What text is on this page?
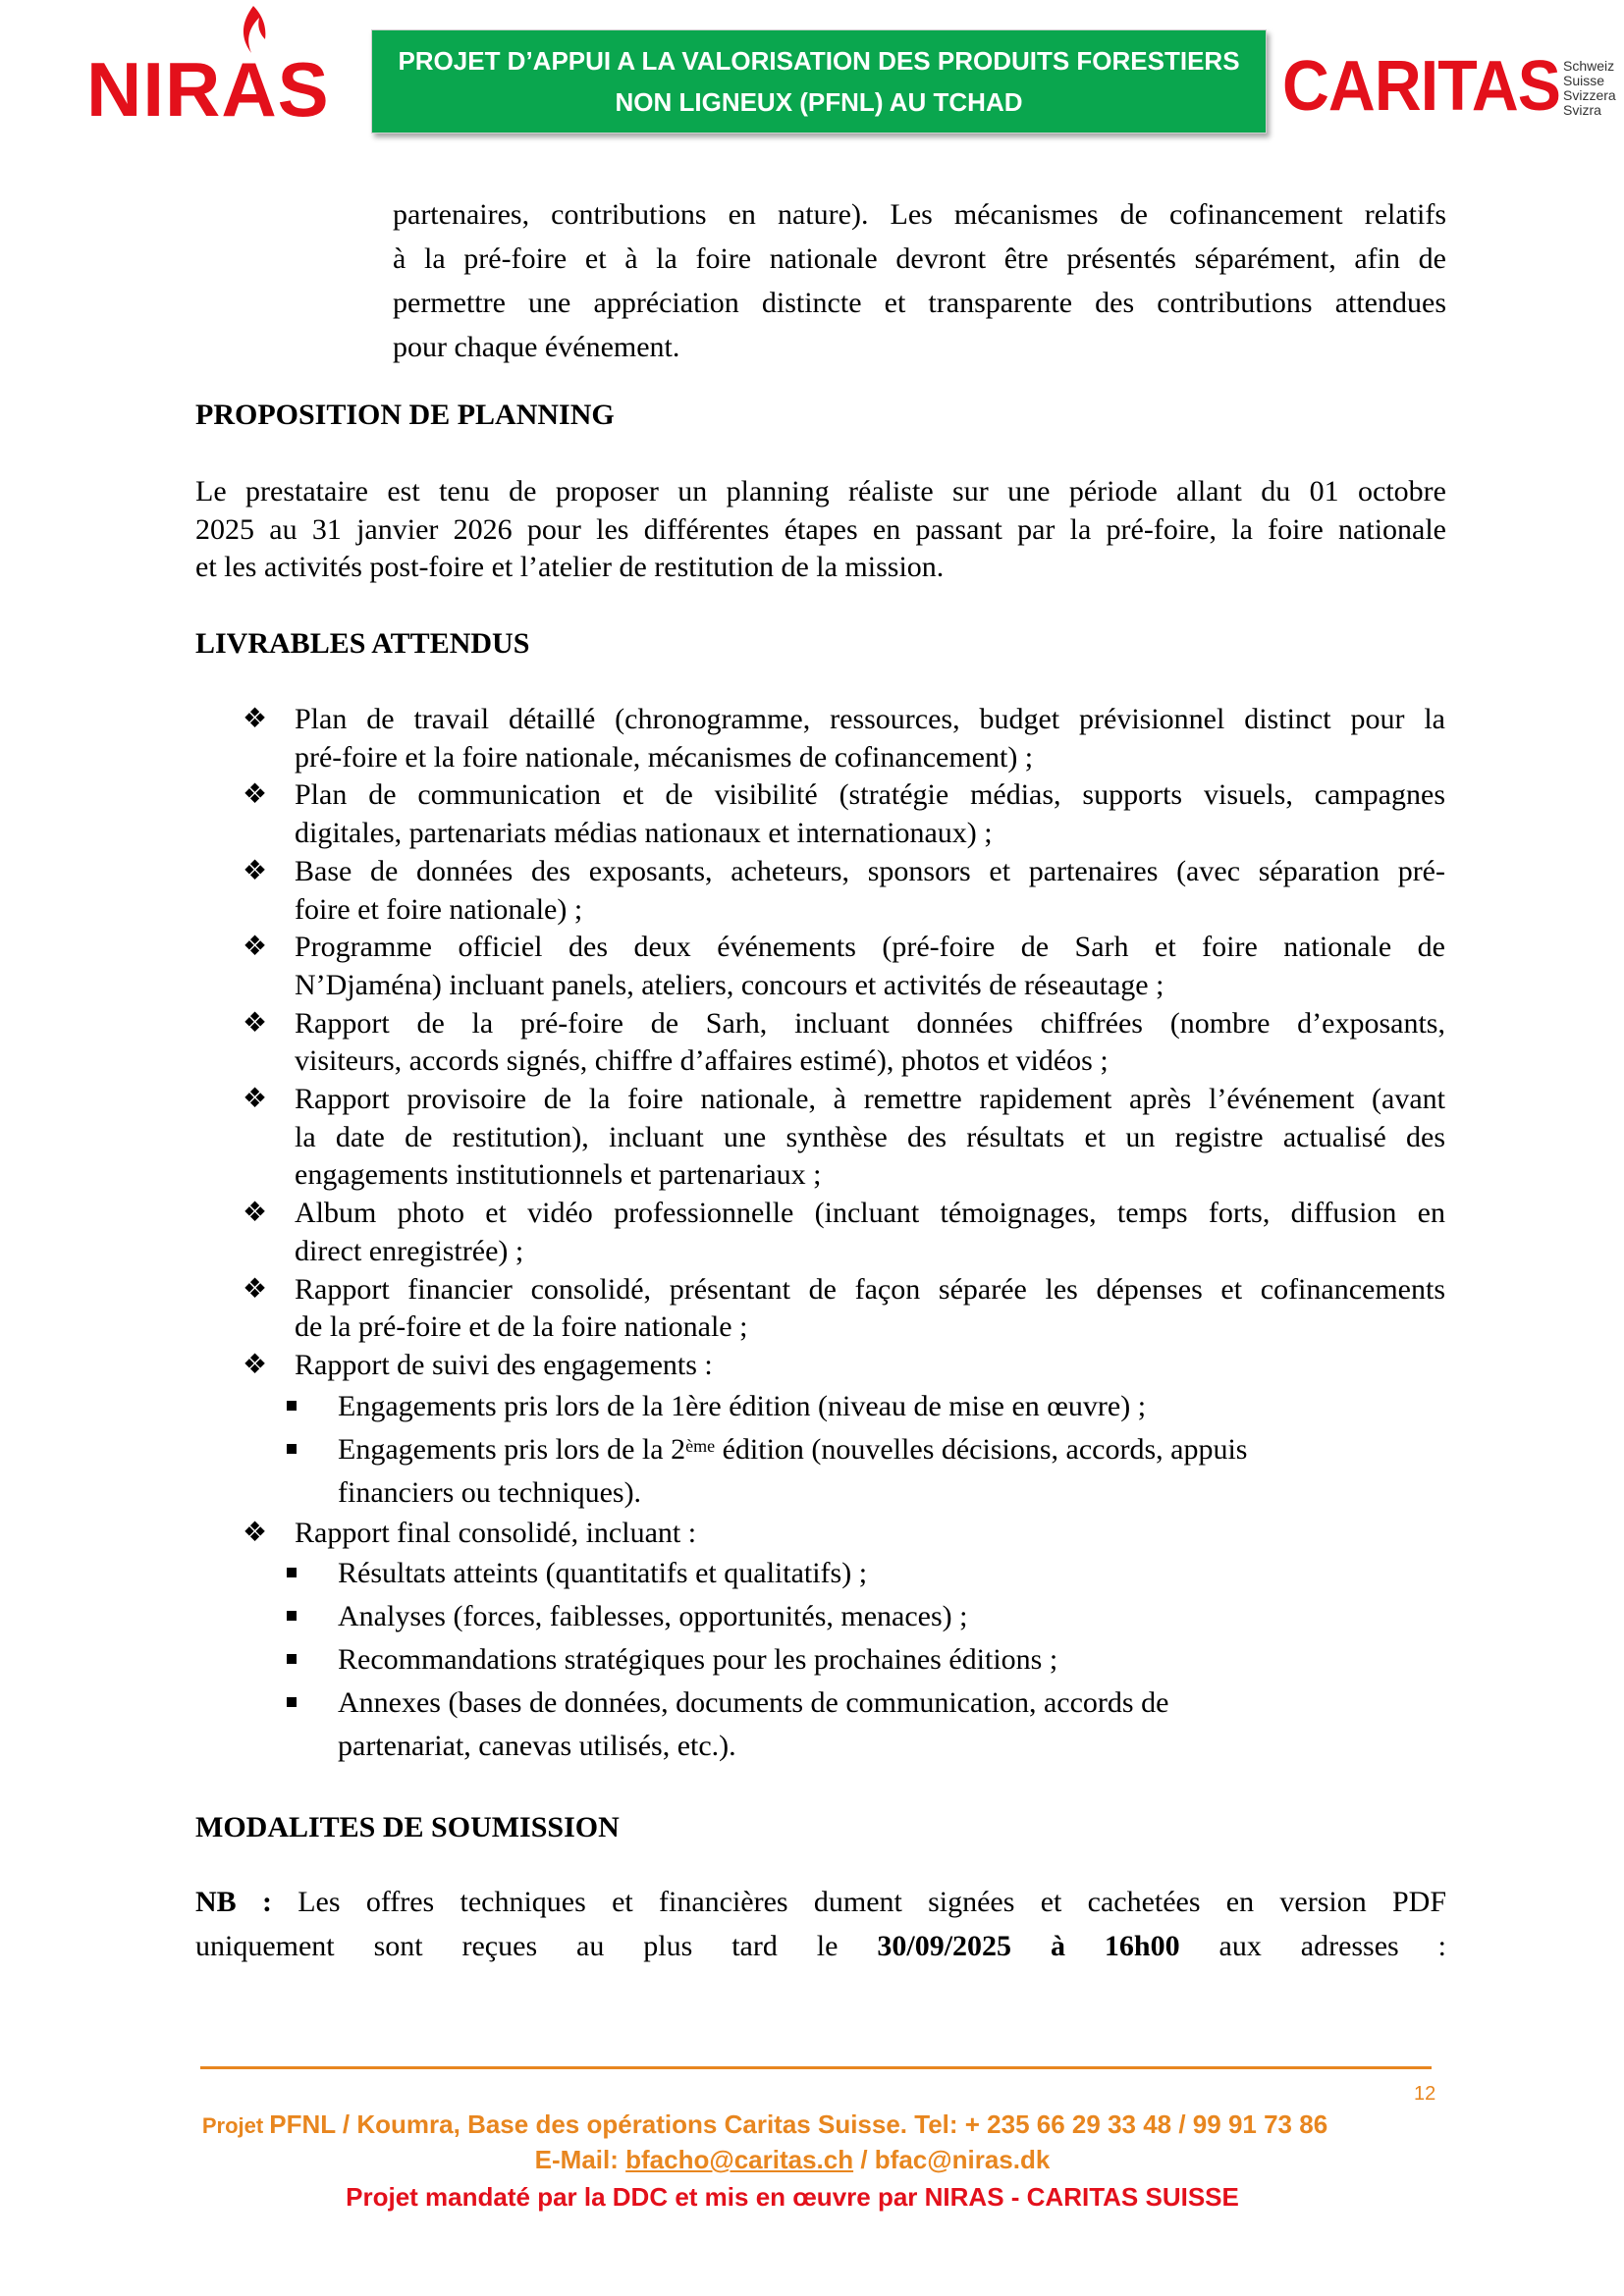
NIRAS	PROJET D’APPUI A LA VALORISATION DES PRODUITS FORESTIERS
NON LIGNEUX (PFNL) AU TCHAD	CARITAS Schweiz
Suisse
Svizzera
Svizra
partenaires, contributions en nature). Les mécanismes de cofinancement relatifs
à la pré-foire et à la foire nationale devront être présentés séparément, afin de
permettre une appréciation distincte et transparente des contributions attendues
pour chaque événement.
PROPOSITION DE PLANNING
Le prestataire est tenu de proposer un planning réaliste sur une période allant du 01 octobre
2025 au 31 janvier 2026 pour les différentes étapes en passant par la pré-foire, la foire nationale
et les activités post-foire et l’atelier de restitution de la mission.
LIVRABLES ATTENDUS
❖ Plan de travail détaillé (chronogramme, ressources, budget prévisionnel distinct pour la
pré-foire et la foire nationale, mécanismes de cofinancement) ;
❖ Plan de communication et de visibilité (stratégie médias, supports visuels, campagnes
digitales, partenariats médias nationaux et internationaux) ;
❖ Base de données des exposants, acheteurs, sponsors et partenaires (avec séparation pré-
foire et foire nationale) ;
❖ Programme officiel des deux événements (pré-foire de Sarh et foire nationale de
N’Djaména) incluant panels, ateliers, concours et activités de réseautage ;
❖ Rapport de la pré-foire de Sarh, incluant données chiffrées (nombre d’exposants,
visiteurs, accords signés, chiffre d’affaires estimé), photos et vidéos ;
❖ Rapport provisoire de la foire nationale, à remettre rapidement après l’événement (avant
la date de restitution), incluant une synthèse des résultats et un registre actualisé des
engagements institutionnels et partenariaux ;
❖ Album photo et vidéo professionnelle (incluant témoignages, temps forts, diffusion en
direct enregistrée) ;
❖ Rapport financier consolidé, présentant de façon séparée les dépenses et cofinancements
de la pré-foire et de la foire nationale ;
❖ Rapport de suivi des engagements :
Engagements pris lors de la 1ère édition (niveau de mise en œuvre) ;
Engagements pris lors de la 2ème édition (nouvelles décisions, accords, appuis
financiers ou techniques).
❖ Rapport final consolidé, incluant :
Résultats atteints (quantitatifs et qualitatifs) ;
Analyses (forces, faiblesses, opportunités, menaces) ;
Recommandations stratégiques pour les prochaines éditions ;
Annexes (bases de données, documents de communication, accords de
partenariat, canevas utilisés, etc.).
MODALITES DE SOUMISSION
NB : Les offres techniques et financières dument signées et cachetées en version PDF
uniquement sont reçues au plus tard le 30/09/2025 à 16h00 aux adresses :
12
Projet PFNL / Koumra, Base des opérations Caritas Suisse. Tel: + 235 66 29 33 48 / 99 91 73 86
E-Mail: bfacho@caritas.ch / bfac@niras.dk
Projet mandaté par la DDC et mis en œuvre par NIRAS - CARITAS SUISSE
